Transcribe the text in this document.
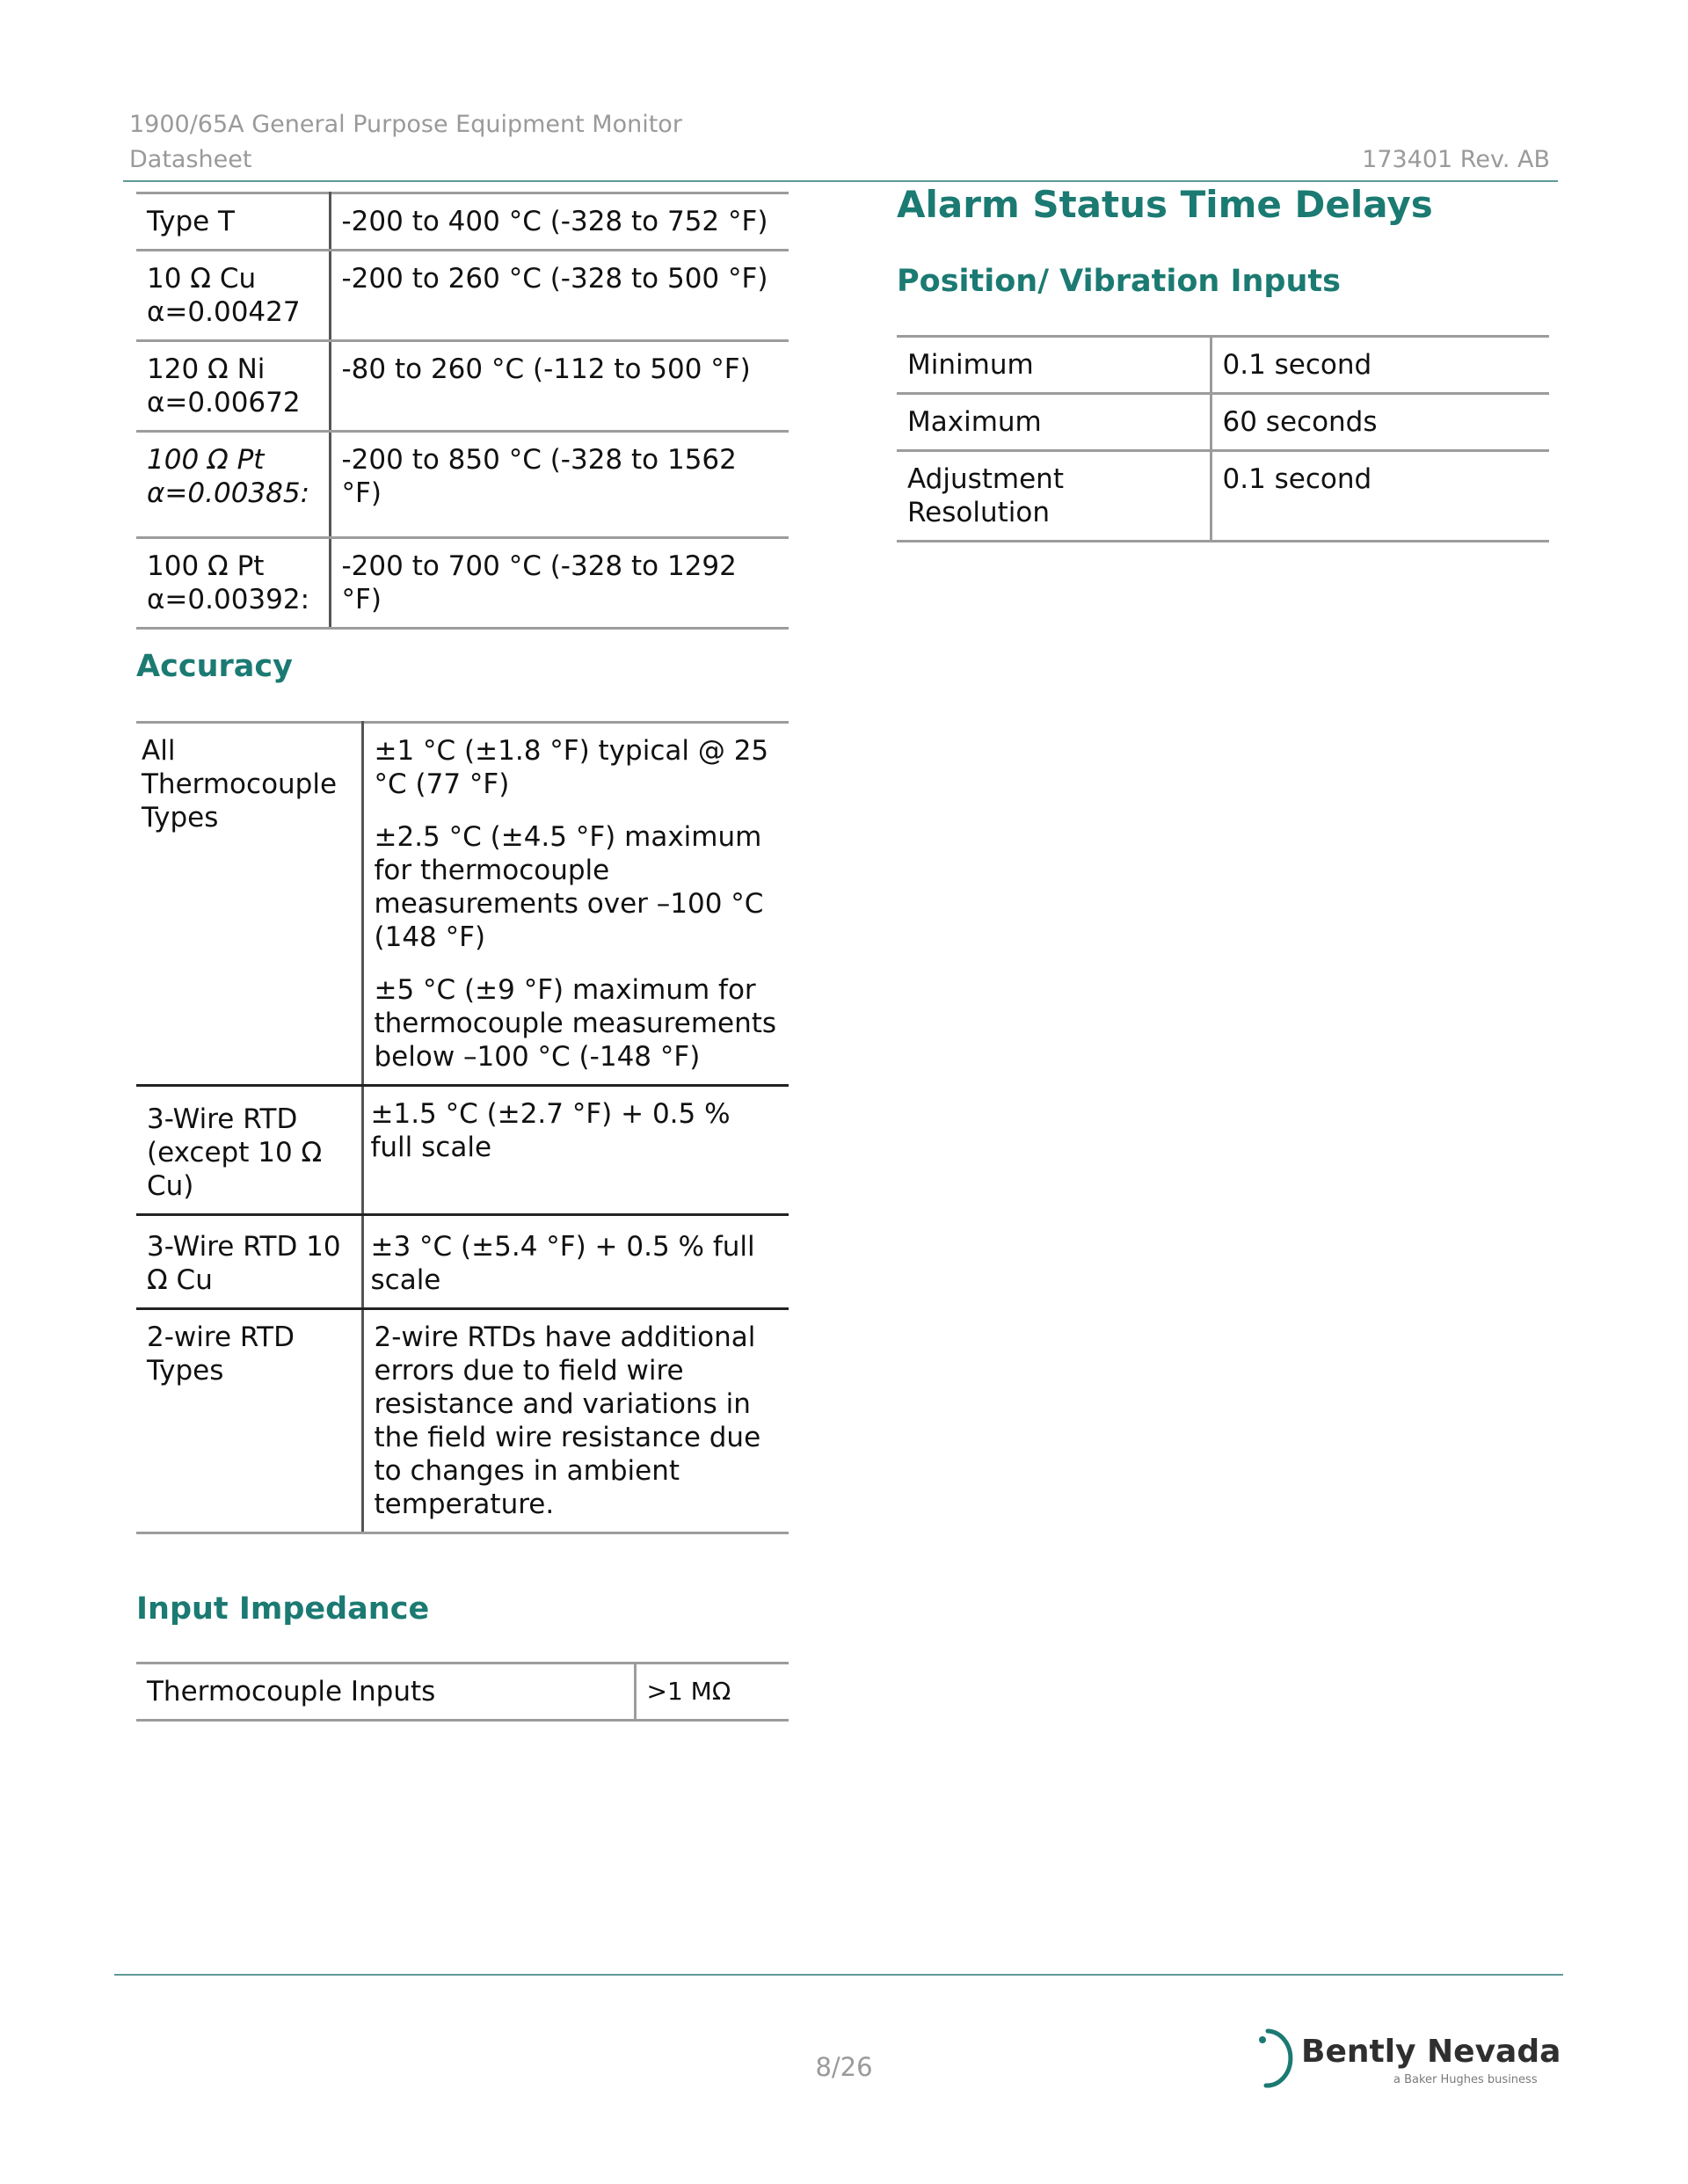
1900/65A General Purpose Equipment Monitor
Datasheet	173401 Rev. AB
Type T	-200 to 400 °C (-328 to 752 °F)

10 Ω Cu
α=0.00427	-200 to 260 °C (-328 to 500 °F)

120 Ω Ni
α=0.00672	-80 to 260 °C (-112 to 500 °F)

100 Ω Pt
α=0.00385:	-200 to 850 °C (-328 to 1562 °F)

100 Ω Pt
α=0.00392:	-200 to 700 °C (-328 to 1292 °F)
Accuracy
All Thermocouple Types	±1 °C (±1.8 °F) typical @ 25 °C (77 °F)

±2.5 °C (±4.5 °F) maximum for thermocouple measurements over –100 °C (148 °F)

±5 °C (±9 °F) maximum for thermocouple measurements below –100 °C (-148 °F)

3-Wire RTD (except 10 Ω Cu)	±1.5 °C (±2.7 °F) + 0.5 % full scale
3-Wire RTD 10 Ω Cu	±3 °C (±5.4 °F) + 0.5 % full scale
2-wire RTD Types	2-wire RTDs have additional errors due to field wire resistance and variations in the field wire resistance due to changes in ambient temperature.
Input Impedance
Thermocouple Inputs	>1 MΩ
Alarm Status Time Delays
Position/ Vibration Inputs
Minimum	0.1 second
Maximum	60 seconds
Adjustment Resolution	0.1 second
8/26	Bently Nevada
a Baker Hughes business
